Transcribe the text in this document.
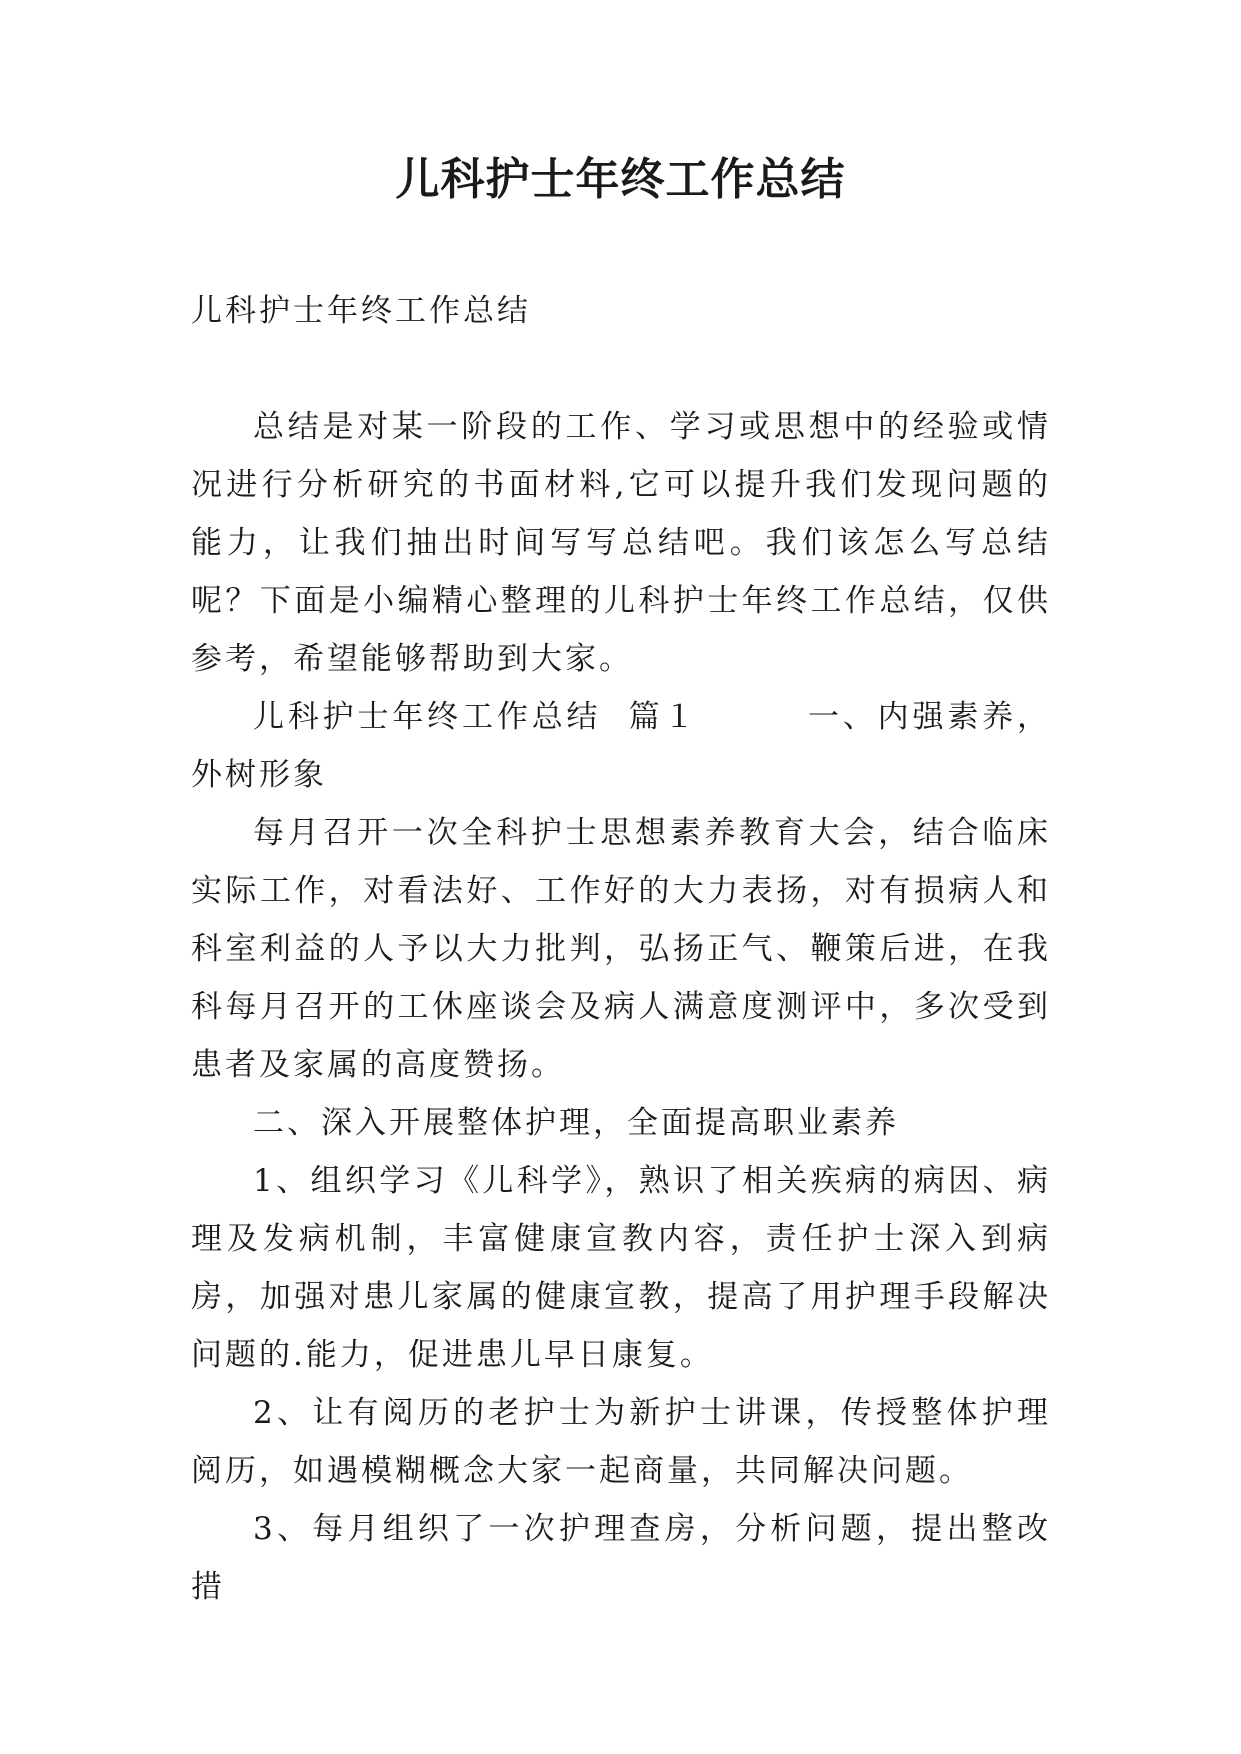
儿科护士年终工作总结

儿科护士年终工作总结

总结是对某一阶段的工作、学习或思想中的经验或情况进行分析研究的书面材料,它可以提升我们发现问题的能力，让我们抽出时间写写总结吧。我们该怎么写总结呢？下面是小编精心整理的儿科护士年终工作总结，仅供参考，希望能够帮助到大家。

儿科护士年终工作总结  篇１        一、内强素养，外树形象

每月召开一次全科护士思想素养教育大会，结合临床实际工作，对看法好、工作好的大力表扬，对有损病人和科室利益的人予以大力批判，弘扬正气、鞭策后进，在我科每月召开的工休座谈会及病人满意度测评中，多次受到患者及家属的高度赞扬。

二、深入开展整体护理，全面提高职业素养

1、组织学习《儿科学》，熟识了相关疾病的病因、病理及发病机制，丰富健康宣教内容，责任护士深入到病房，加强对患儿家属的健康宣教，提高了用护理手段解决问题的.能力，促进患儿早日康复。

2、让有阅历的老护士为新护士讲课，传授整体护理阅历，如遇模糊概念大家一起商量，共同解决问题。

3、每月组织了一次护理查房，分析问题，提出整改措
